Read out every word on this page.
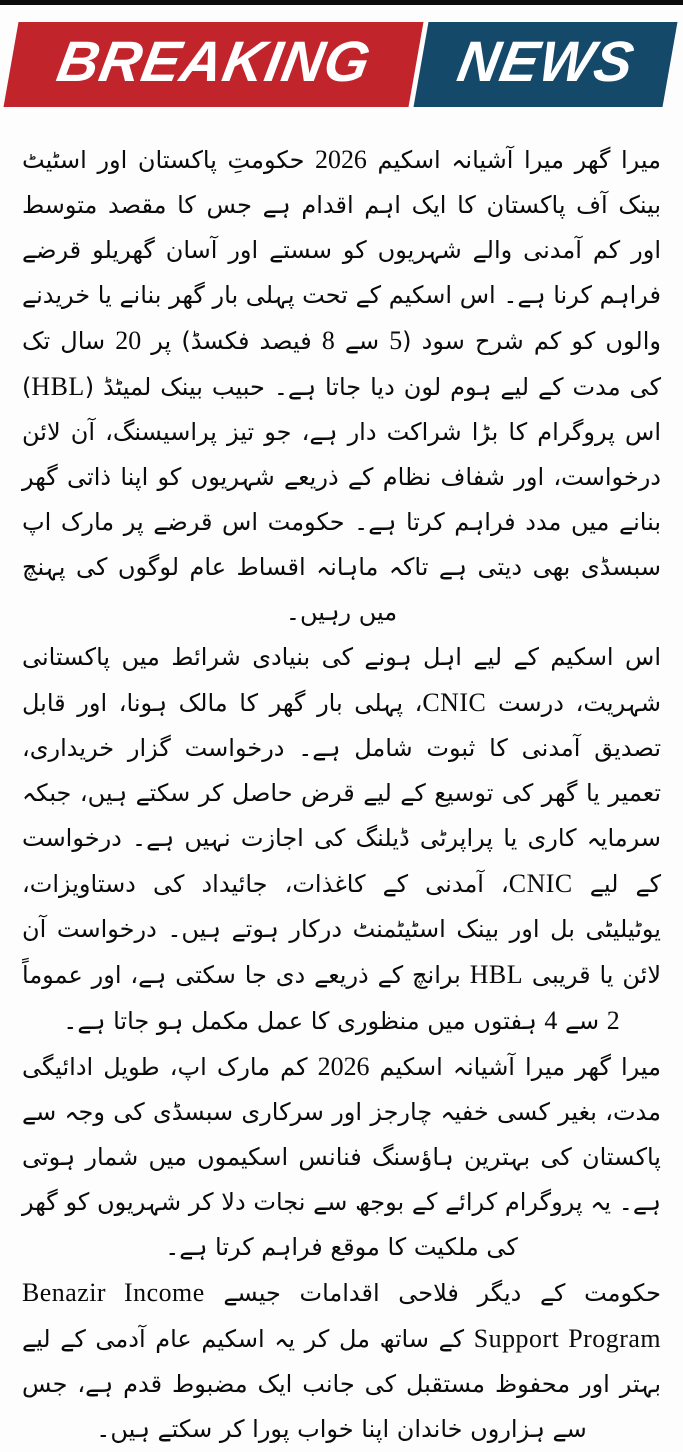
BREAKING NEWS

میرا گھر میرا آشیانہ اسکیم 2026 حکومتِ پاکستان اور اسٹیٹ بینک آف پاکستان کا ایک اہم اقدام ہے جس کا مقصد متوسط اور کم آمدنی والے شہریوں کو سستے اور آسان گھریلو قرضے فراہم کرنا ہے۔ اس اسکیم کے تحت پہلی بار گھر بنانے یا خریدنے والوں کو کم شرح سود (5 سے 8 فیصد فکسڈ) پر 20 سال تک کی مدت کے لیے ہوم لون دیا جاتا ہے۔ حبیب بینک لمیٹڈ (HBL) اس پروگرام کا بڑا شراکت دار ہے، جو تیز پراسیسنگ، آن لائن درخواست، اور شفاف نظام کے ذریعے شہریوں کو اپنا ذاتی گھر بنانے میں مدد فراہم کرتا ہے۔ حکومت اس قرضے پر مارک اپ سبسڈی بھی دیتی ہے تاکہ ماہانہ اقساط عام لوگوں کی پہنچ میں رہیں۔

اس اسکیم کے لیے اہل ہونے کی بنیادی شرائط میں پاکستانی شہریت، درست CNIC، پہلی بار گھر کا مالک ہونا، اور قابل تصدیق آمدنی کا ثبوت شامل ہے۔ درخواست گزار خریداری، تعمیر یا گھر کی توسیع کے لیے قرض حاصل کر سکتے ہیں، جبکہ سرمایہ کاری یا پراپرٹی ڈیلنگ کی اجازت نہیں ہے۔ درخواست کے لیے CNIC، آمدنی کے کاغذات، جائیداد کی دستاویزات، یوٹیلیٹی بل اور بینک اسٹیٹمنٹ درکار ہوتے ہیں۔ درخواست آن لائن یا قریبی HBL برانچ کے ذریعے دی جا سکتی ہے، اور عموماً 2 سے 4 ہفتوں میں منظوری کا عمل مکمل ہو جاتا ہے۔

میرا گھر میرا آشیانہ اسکیم 2026 کم مارک اپ، طویل ادائیگی مدت، بغیر کسی خفیہ چارجز اور سرکاری سبسڈی کی وجہ سے پاکستان کی بہترین ہاؤسنگ فنانس اسکیموں میں شمار ہوتی ہے۔ یہ پروگرام کرائے کے بوجھ سے نجات دلا کر شہریوں کو گھر کی ملکیت کا موقع فراہم کرتا ہے۔

حکومت کے دیگر فلاحی اقدامات جیسے Benazir Income Support Program کے ساتھ مل کر یہ اسکیم عام آدمی کے لیے بہتر اور محفوظ مستقبل کی جانب ایک مضبوط قدم ہے، جس سے ہزاروں خاندان اپنا خواب پورا کر سکتے ہیں۔
